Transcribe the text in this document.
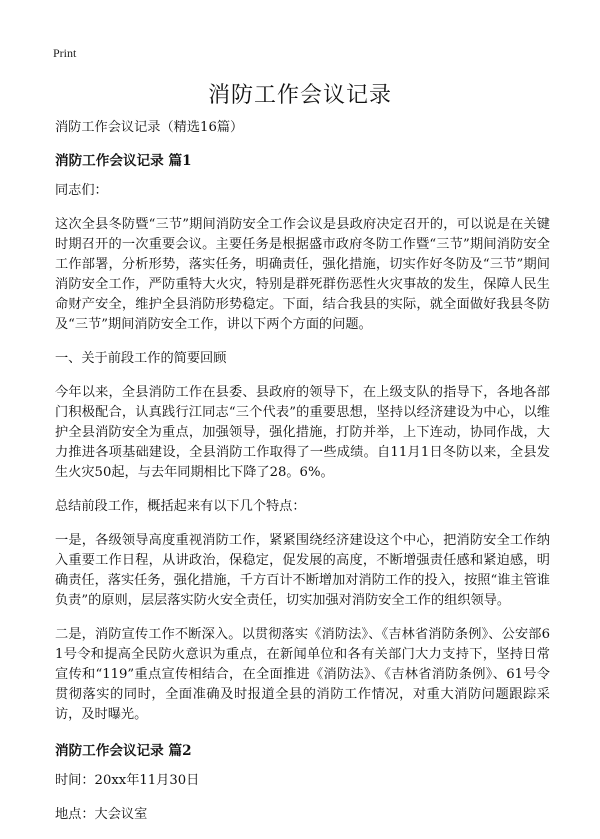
Print
消防工作会议记录
消防工作会议记录（精选16篇）
消防工作会议记录 篇1
同志们：
这次全县冬防暨“三节”期间消防安全工作会议是县政府决定召开的，可以说是在关键时期召开的一次重要会议。主要任务是根据盛市政府冬防工作暨“三节”期间消防安全工作部署，分析形势，落实任务，明确责任，强化措施，切实作好冬防及“三节”期间消防安全工作，严防重特大火灾，特别是群死群伤恶性火灾事故的发生，保障人民生命财产安全，维护全县消防形势稳定。下面，结合我县的实际，就全面做好我县冬防及“三节”期间消防安全工作，讲以下两个方面的问题。
一、关于前段工作的简要回顾
今年以来，全县消防工作在县委、县政府的领导下，在上级支队的指导下，各地各部门积极配合，认真践行江同志“三个代表”的重要思想，坚持以经济建设为中心，以维护全县消防安全为重点，加强领导，强化措施，打防并举，上下连动，协同作战，大力推进各项基础建设，全县消防工作取得了一些成绩。自11月1日冬防以来，全县发生火灾50起，与去年同期相比下降了28。6%。
总结前段工作，概括起来有以下几个特点：
一是，各级领导高度重视消防工作，紧紧围绕经济建设这个中心，把消防安全工作纳入重要工作日程，从讲政治，保稳定，促发展的高度，不断增强责任感和紧迫感，明确责任，落实任务，强化措施，千方百计不断增加对消防工作的投入，按照“谁主管谁负责”的原则，层层落实防火安全责任，切实加强对消防安全工作的组织领导。
二是，消防宣传工作不断深入。以贯彻落实《消防法》、《吉林省消防条例》、公安部61号令和提高全民防火意识为重点，在新闻单位和各有关部门大力支持下，坚持日常宣传和“119”重点宣传相结合，在全面推进《消防法》、《吉林省消防条例》、61号令贯彻落实的同时，全面准确及时报道全县的消防工作情况，对重大消防问题跟踪采访，及时曝光。
消防工作会议记录 篇2
时间：20xx年11月30日
地点：大会议室
